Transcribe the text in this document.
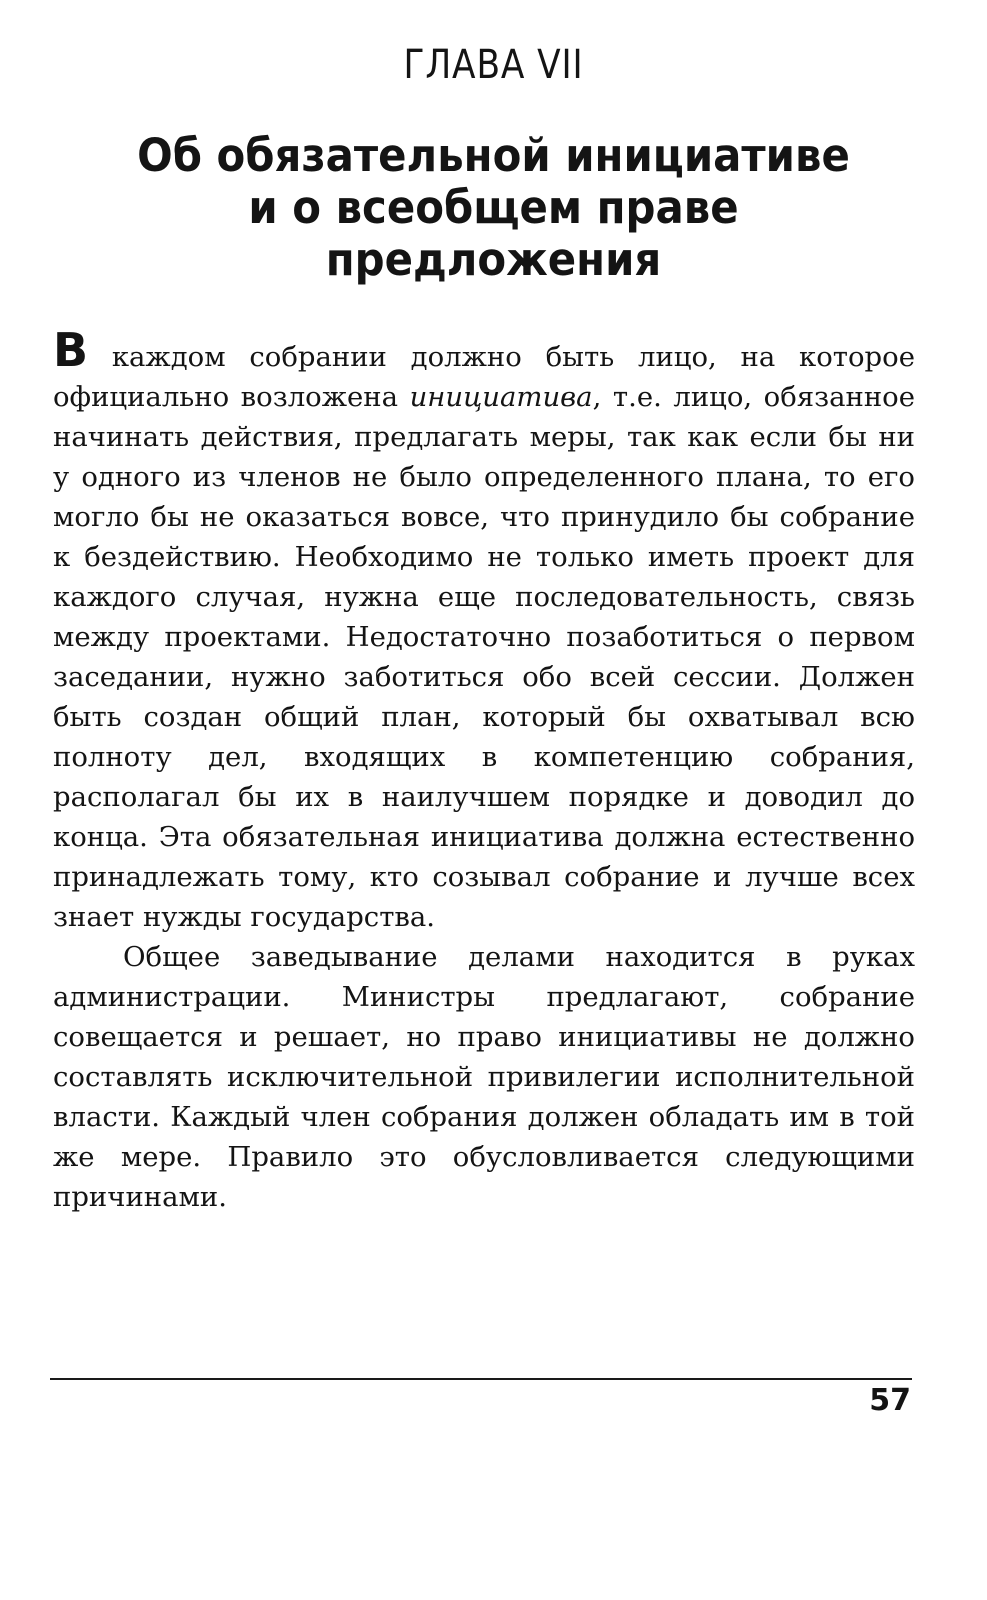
ГЛАВА VII
Об обязательной инициативе
и о всеобщем праве
предложения

В каждом собрании должно быть лицо, на которое официально возложена инициатива, т.е. лицо, обязанное начинать действия, предлагать меры, так как если бы ни у одного из членов не было определенного плана, то его могло бы не оказаться вовсе, что принудило бы собрание к бездействию. Необходимо не только иметь проект для каждого случая, нужна еще последовательность, связь между проектами. Недостаточно позаботиться о первом заседании, нужно заботиться обо всей сессии. Должен быть создан общий план, который бы охватывал всю полноту дел, входящих в компетенцию собрания, располагал бы их в наилучшем порядке и доводил до конца. Эта обязательная инициатива должна естественно принадлежать тому, кто созывал собрание и лучше всех знает нужды государства.

Общее заведывание делами находится в руках администрации. Министры предлагают, собрание совещается и решает, но право инициативы не должно составлять исключительной привилегии исполнительной власти. Каждый член собрания должен обладать им в той же мере. Правило это обусловливается следующими причинами.

57
